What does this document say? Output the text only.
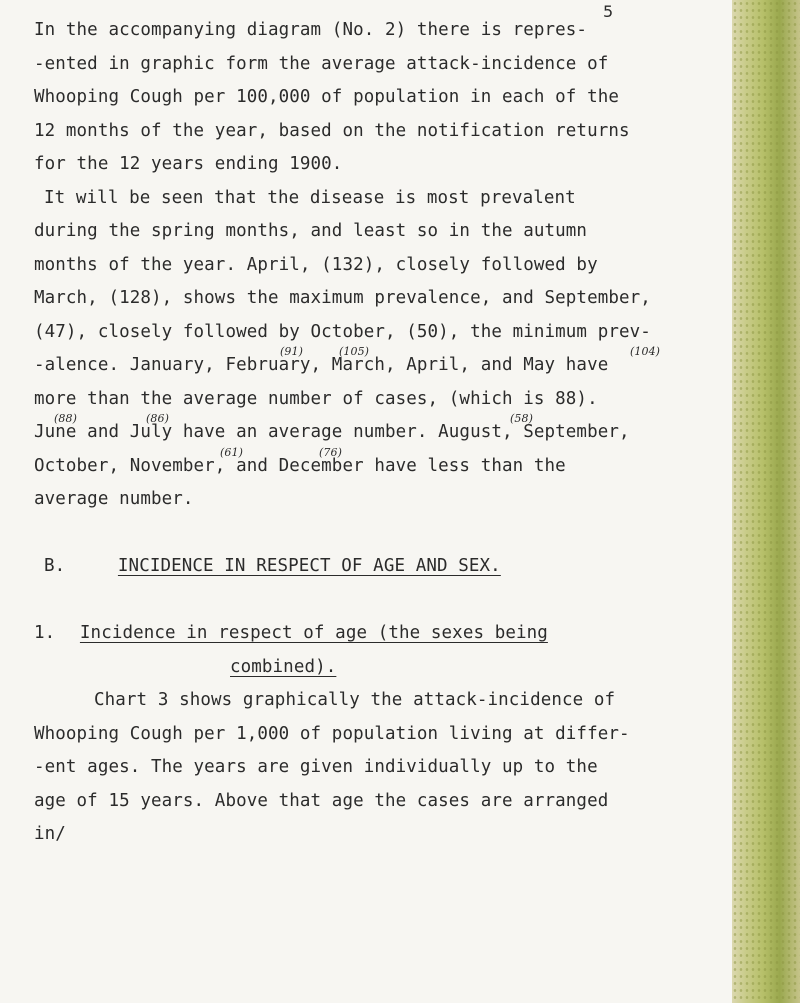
5
In the accompanying diagram (No. 2) there is repres-
-ented in graphic form the average attack-incidence of
Whooping Cough per 100,000 of population in each of the
12 months of the year, based on the notification returns
for the 12 years ending 1900.
It will be seen that the disease is most prevalent
during the spring months, and least so in the autumn
months of the year. April, (132), closely followed by
March, (128), shows the maximum prevalence, and September,
(47), closely followed by October, (50), the minimum prev-
(91)	(105)	(104)
-alence. January, February, March, April, and May have
more than the average number of cases, (which is 88).
(88)	(86)	(58)
June and July have an average number. August, September,
(61)	(76)
October, November, and December have less than the
average number.
B.	INCIDENCE IN RESPECT OF AGE AND SEX.
1. Incidence in respect of age (the sexes being
combined).
Chart 3 shows graphically the attack-incidence of
Whooping Cough per 1,000 of population living at differ-
-ent ages. The years are given individually up to the
age of 15 years. Above that age the cases are arranged
in/
